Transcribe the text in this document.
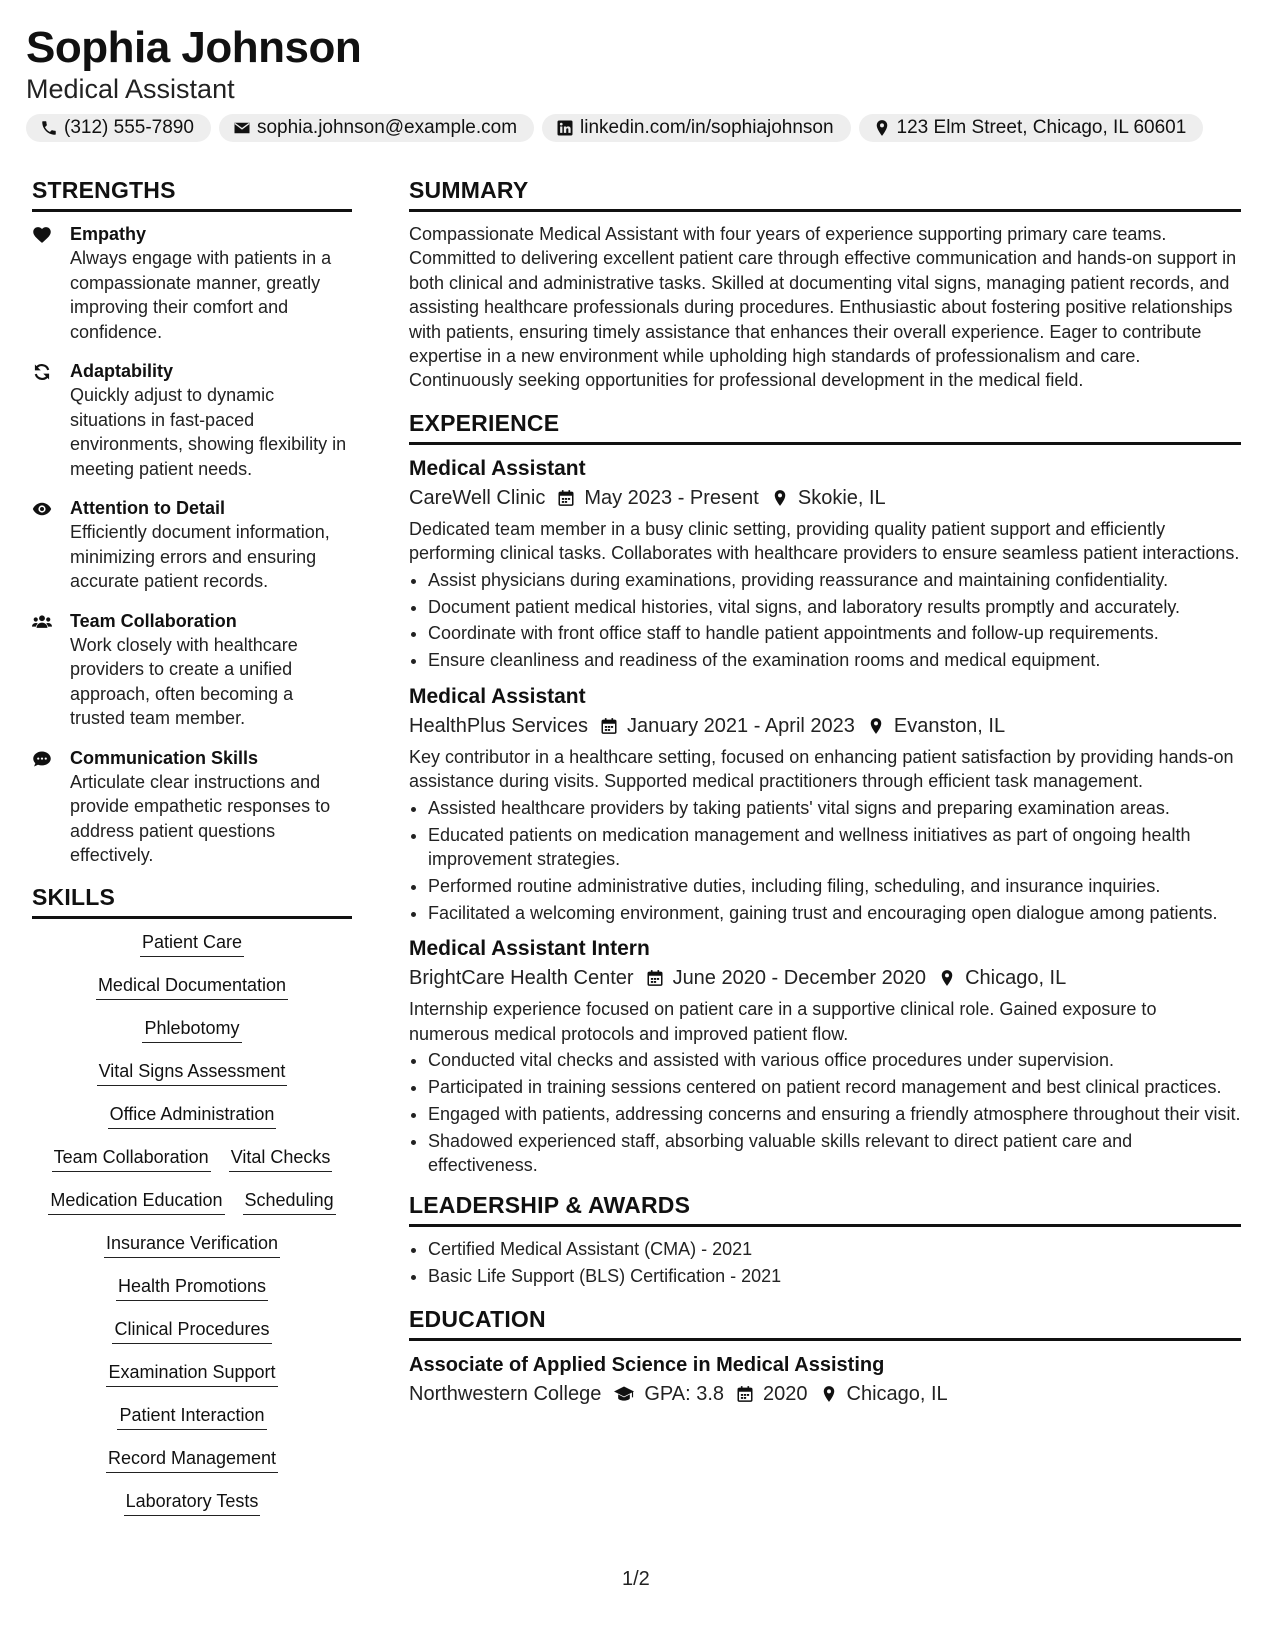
Sophia Johnson
Medical Assistant
(312) 555-7890	sophia.johnson@example.com	linkedin.com/in/sophiajohnson	123 Elm Street, Chicago, IL 60601
STRENGTHS
Empathy
Always engage with patients in a compassionate manner, greatly improving their comfort and confidence.
Adaptability
Quickly adjust to dynamic situations in fast-paced environments, showing flexibility in meeting patient needs.
Attention to Detail
Efficiently document information, minimizing errors and ensuring accurate patient records.
Team Collaboration
Work closely with healthcare providers to create a unified approach, often becoming a trusted team member.
Communication Skills
Articulate clear instructions and provide empathetic responses to address patient questions effectively.
SKILLS
Patient Care
Medical Documentation
Phlebotomy
Vital Signs Assessment
Office Administration
Team Collaboration Vital Checks
Medication Education Scheduling
Insurance Verification
Health Promotions
Clinical Procedures
Examination Support
Patient Interaction
Record Management
Laboratory Tests
SUMMARY
Compassionate Medical Assistant with four years of experience supporting primary care teams. Committed to delivering excellent patient care through effective communication and hands-on support in both clinical and administrative tasks. Skilled at documenting vital signs, managing patient records, and assisting healthcare professionals during procedures. Enthusiastic about fostering positive relationships with patients, ensuring timely assistance that enhances their overall experience. Eager to contribute expertise in a new environment while upholding high standards of professionalism and care. Continuously seeking opportunities for professional development in the medical field.
EXPERIENCE
Medical Assistant
CareWell Clinic May 2023 - Present Skokie, IL
Dedicated team member in a busy clinic setting, providing quality patient support and efficiently performing clinical tasks. Collaborates with healthcare providers to ensure seamless patient interactions.
• Assist physicians during examinations, providing reassurance and maintaining confidentiality.
• Document patient medical histories, vital signs, and laboratory results promptly and accurately.
• Coordinate with front office staff to handle patient appointments and follow-up requirements.
• Ensure cleanliness and readiness of the examination rooms and medical equipment.
Medical Assistant
HealthPlus Services January 2021 - April 2023 Evanston, IL
Key contributor in a healthcare setting, focused on enhancing patient satisfaction by providing hands-on assistance during visits. Supported medical practitioners through efficient task management.
• Assisted healthcare providers by taking patients' vital signs and preparing examination areas.
• Educated patients on medication management and wellness initiatives as part of ongoing health improvement strategies.
• Performed routine administrative duties, including filing, scheduling, and insurance inquiries.
• Facilitated a welcoming environment, gaining trust and encouraging open dialogue among patients.
Medical Assistant Intern
BrightCare Health Center June 2020 - December 2020 Chicago, IL
Internship experience focused on patient care in a supportive clinical role. Gained exposure to numerous medical protocols and improved patient flow.
• Conducted vital checks and assisted with various office procedures under supervision.
• Participated in training sessions centered on patient record management and best clinical practices.
• Engaged with patients, addressing concerns and ensuring a friendly atmosphere throughout their visit.
• Shadowed experienced staff, absorbing valuable skills relevant to direct patient care and effectiveness.
LEADERSHIP & AWARDS
• Certified Medical Assistant (CMA) - 2021
• Basic Life Support (BLS) Certification - 2021
EDUCATION
Associate of Applied Science in Medical Assisting
Northwestern College GPA: 3.8 2020 Chicago, IL
1/2
